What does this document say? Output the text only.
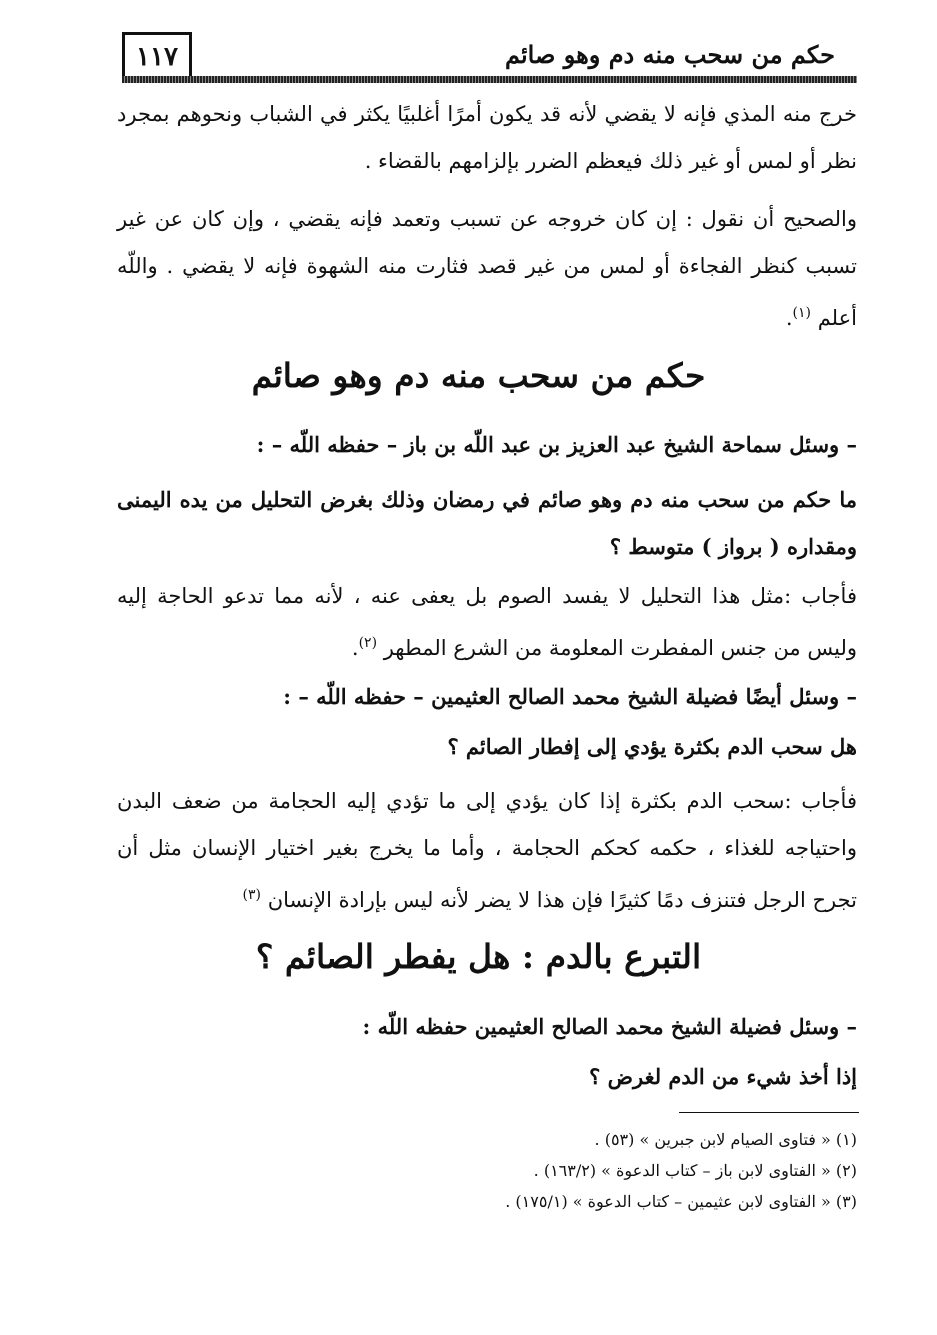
حكم من سحب منه دم وهو صائم
١١٧

خرج منه المذي فإنه لا يقضي لأنه قد يكون أمرًا أغلبيًا يكثر في الشباب ونحوهم بمجرد نظر أو لمس أو غير ذلك فيعظم الضرر بإلزامهم بالقضاء .

والصحيح أن نقول : إن كان خروجه عن تسبب وتعمد فإنه يقضي ، وإن كان عن غير تسبب كنظر الفجاءة أو لمس من غير قصد فثارت منه الشهوة فإنه لا يقضي . واللّه أعلم $^{(١)}$.

حكم من سحب منه دم وهو صائم

– وسئل سماحة الشيخ عبد العزيز بن عبد اللّه بن باز – حفظه اللّه – :

ما حكم من سحب منه دم وهو صائم في رمضان وذلك بغرض التحليل من يده اليمنى ومقداره ( برواز ) متوسط ؟

فأجاب :مثل هذا التحليل لا يفسد الصوم بل يعفى عنه ، لأنه مما تدعو الحاجة إليه وليس من جنس المفطرت المعلومة من الشرع المطهر $^{(٢)}$.

– وسئل أيضًا فضيلة الشيخ محمد الصالح العثيمين – حفظه اللّه – :

هل سحب الدم بكثرة يؤدي إلى إفطار الصائم ؟

فأجاب :سحب الدم بكثرة إذا كان يؤدي إلى ما تؤدي إليه الحجامة من ضعف البدن واحتياجه للغذاء ، حكمه كحكم الحجامة ، وأما ما يخرج بغير اختيار الإنسان مثل أن تجرح الرجل فتنزف دمًا كثيرًا فإن هذا لا يضر لأنه ليس بإرادة الإنسان $^{(٣)}$

التبرع بالدم : هل يفطر الصائم ؟

– وسئل فضيلة الشيخ محمد الصالح العثيمين حفظه اللّه :

إذا أخذ شيء من الدم لغرض ؟

(١) « فتاوى الصيام لابن جبرين » (٥٣) .

(٢) « الفتاوى لابن باز – كتاب الدعوة » (١٦٣/٢) .

(٣) « الفتاوى لابن عثيمين – كتاب الدعوة » (١٧٥/١) .
